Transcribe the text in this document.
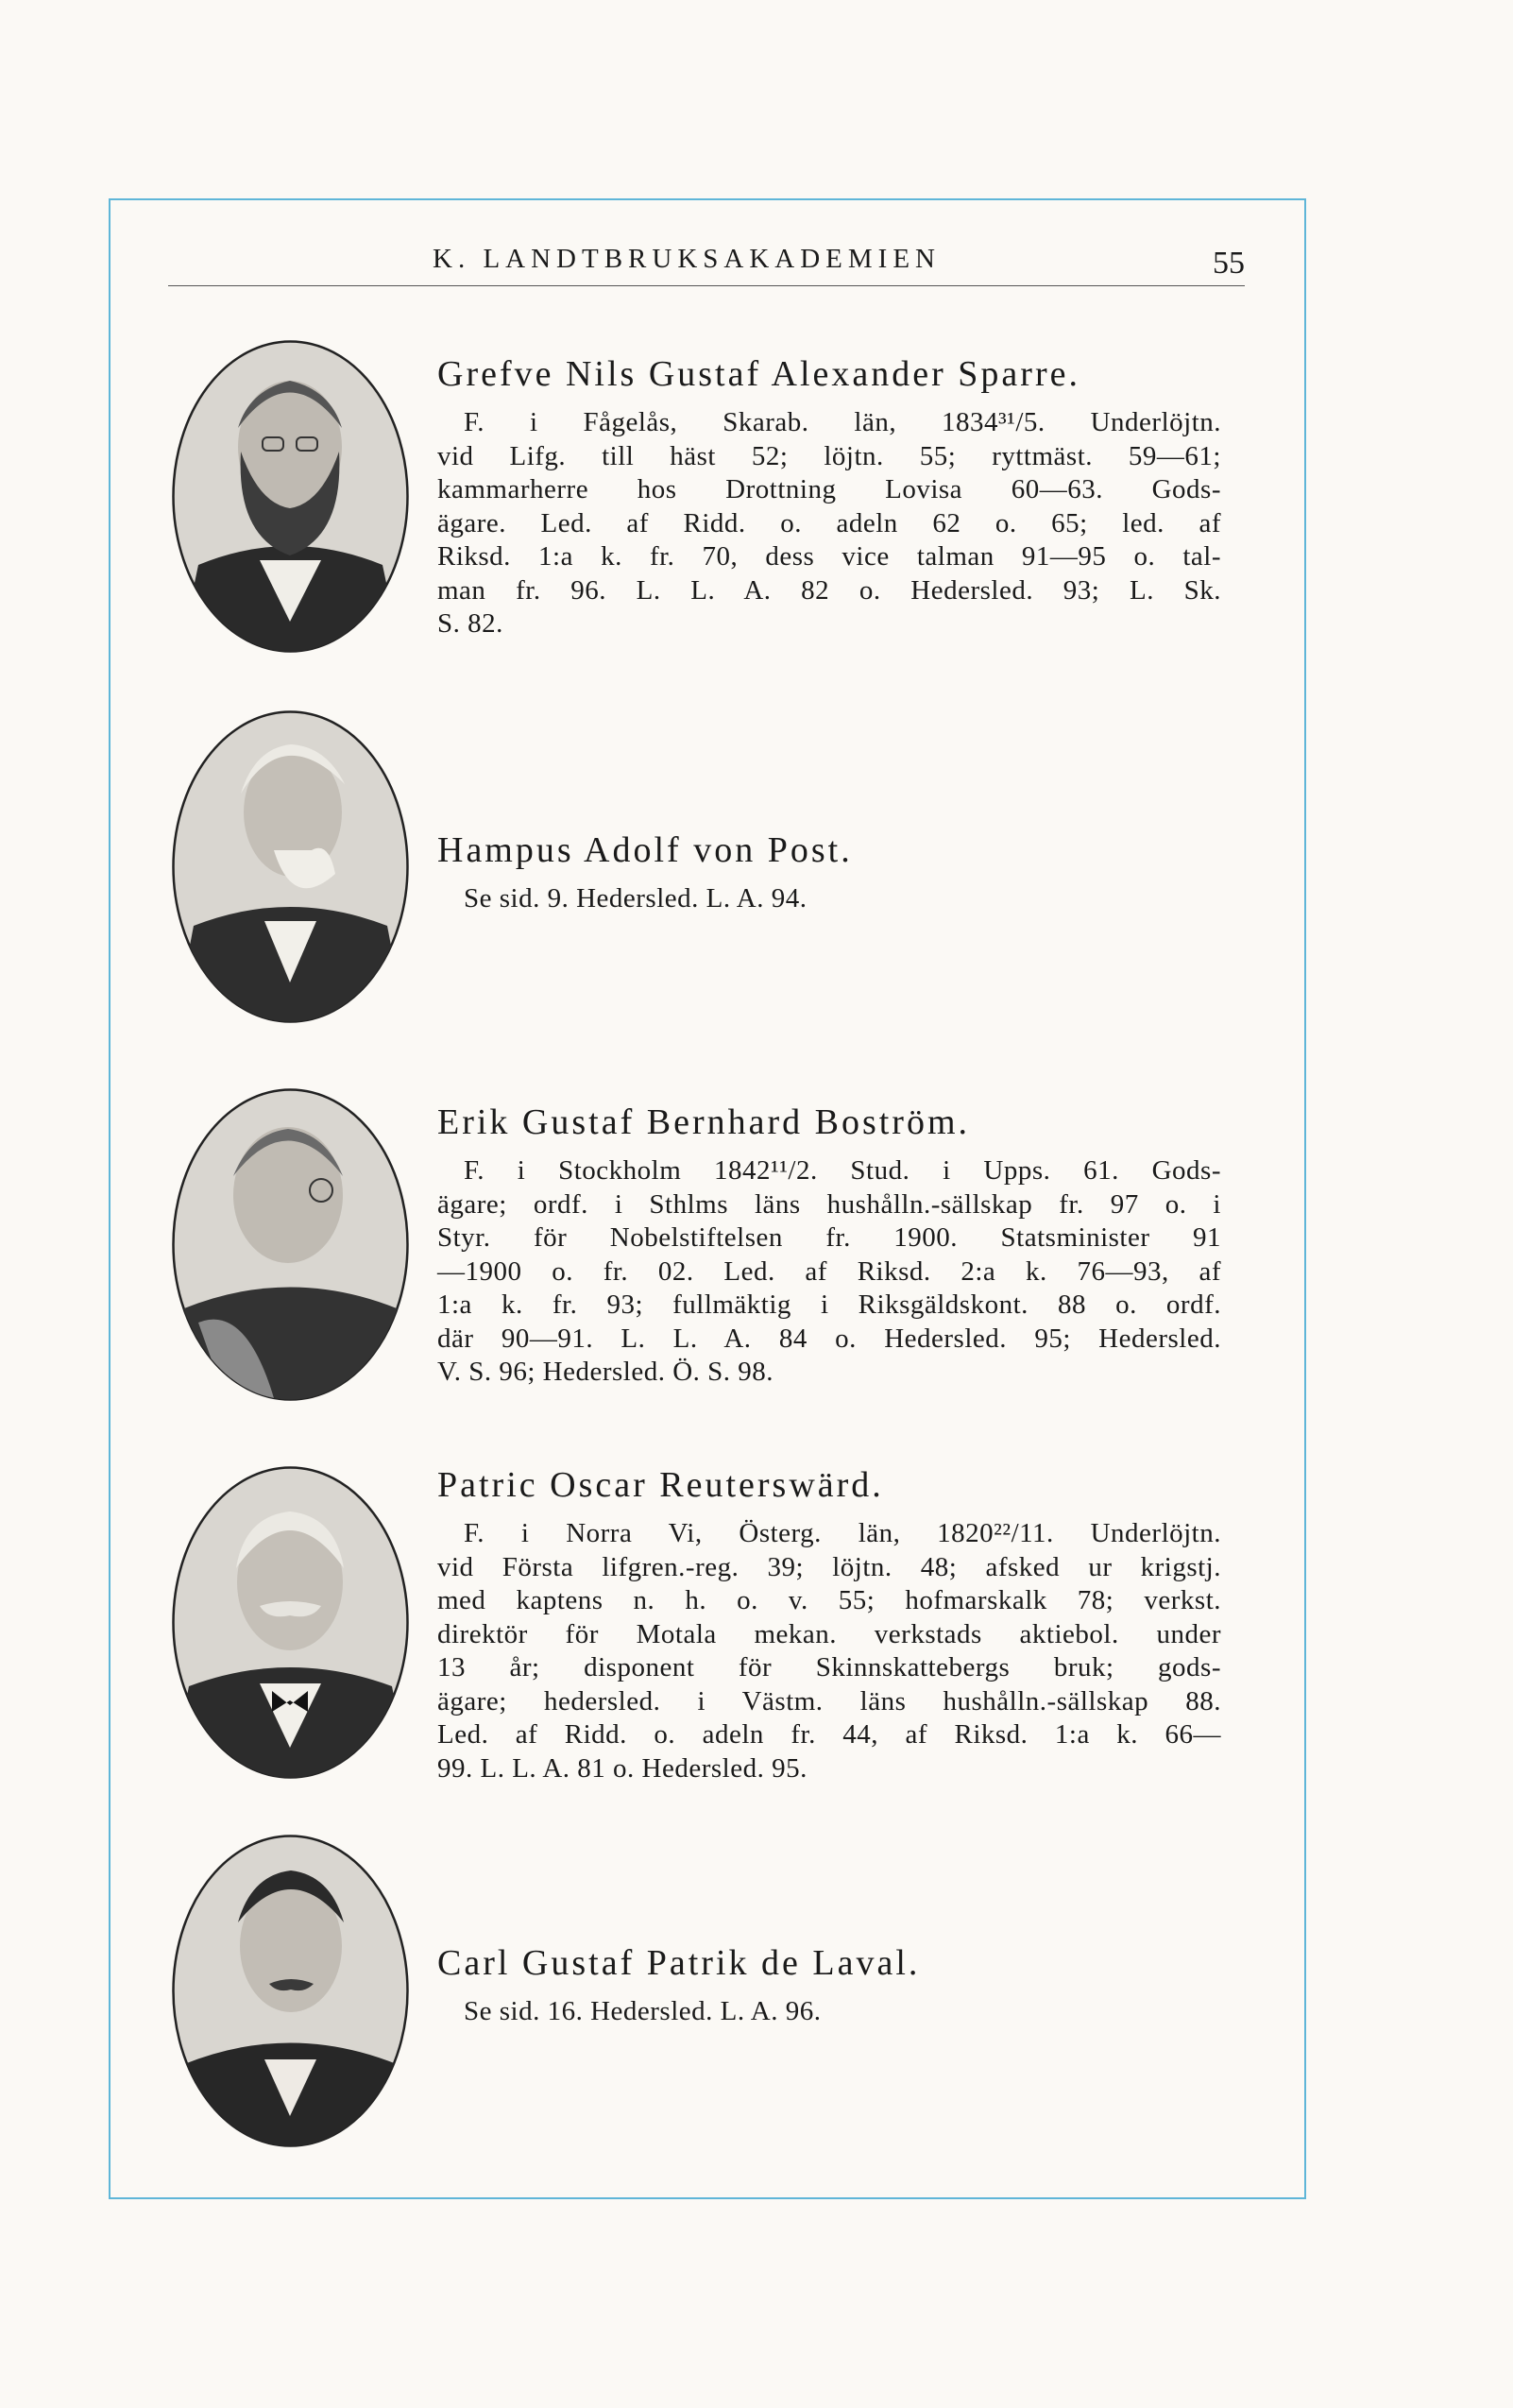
K. LANDTBRUKSAKADEMIEN	55
Grefve Nils Gustaf Alexander Sparre.
F. i Fågelås, Skarab. län, 1834³¹/5. Underlöjtn.
vid Lifg. till häst 52; löjtn. 55; ryttmäst. 59—61;
kammarherre hos Drottning Lovisa 60—63. Gods-
ägare. Led. af Ridd. o. adeln 62 o. 65; led. af
Riksd. 1:a k. fr. 70, dess vice talman 91—95 o. tal-
man fr. 96. L. L. A. 82 o. Hedersled. 93; L. Sk.
S. 82.
Hampus Adolf von Post.
Se sid. 9. Hedersled. L. A. 94.
Erik Gustaf Bernhard Boström.
F. i Stockholm 1842¹¹/2. Stud. i Upps. 61. Gods-
ägare; ordf. i Sthlms läns hushålln.-sällskap fr. 97 o. i
Styr. för Nobelstiftelsen fr. 1900. Statsminister 91
—1900 o. fr. 02. Led. af Riksd. 2:a k. 76—93, af
1:a k. fr. 93; fullmäktig i Riksgäldskont. 88 o. ordf.
där 90—91. L. L. A. 84 o. Hedersled. 95; Hedersled.
V. S. 96; Hedersled. Ö. S. 98.
Patric Oscar Reuterswärd.
F. i Norra Vi, Österg. län, 1820²²/11. Underlöjtn.
vid Första lifgren.-reg. 39; löjtn. 48; afsked ur krigstj.
med kaptens n. h. o. v. 55; hofmarskalk 78; verkst.
direktör för Motala mekan. verkstads aktiebol. under
13 år; disponent för Skinnskattebergs bruk; gods-
ägare; hedersled. i Västm. läns hushålln.-sällskap 88.
Led. af Ridd. o. adeln fr. 44, af Riksd. 1:a k. 66—
99. L. L. A. 81 o. Hedersled. 95.
Carl Gustaf Patrik de Laval.
Se sid. 16. Hedersled. L. A. 96.
